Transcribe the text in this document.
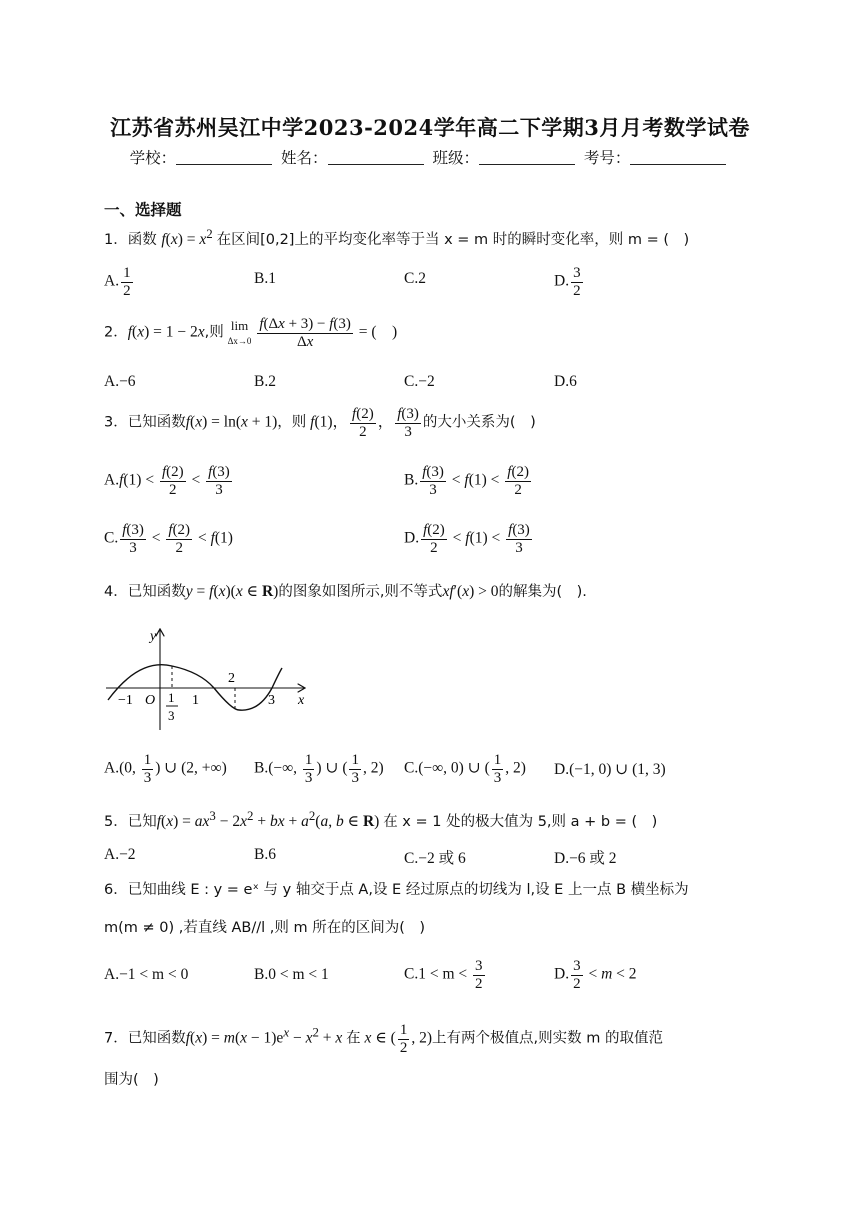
江苏省苏州吴江中学2023-2024学年高二下学期3月月考数学试卷
学校：	姓名：	班级：	考号：
一、选择题
1．函数 $f(x) = x^2$ 在区间[0,2]上的平均变化率等于当 x = m 时的瞬时变化率，则 m = (　)
A. $\frac{1}{2}$	B.1	C.2	D. $\frac{3}{2}$
2．f(x) = 1 − 2x,则 lim
$\Delta x\to 0 \frac{f(\Delta x + 3) - f(3)}{\Delta x}$ = (　)
A.−6	B.2	C.−2	D.6
3．已知函数f(x) = ln(x + 1)，则 f(1)， $\frac{f(2)}{2}$ ， $\frac{f(3)}{3}$ 的大小关系为(　)
$A.f(1) < \frac{f(2)}{2} < \frac{f(3)}{3}$	B. $\frac{f(3)}{3} < f(1) < \frac{f(2)}{2}$
C. $\frac{f(3)}{3} < \frac{f(2)}{2} < f(1)$	D. $\frac{f(2)}{2} < f(1) < \frac{f(3)}{3}$
4．已知函数y = f(x)(x ∈ R)的图象如图所示,则不等式xf′(x) > 0的解集为(　).
y
x
O
−1	1
3
1	3
2
A.(0, $\frac{1}{3}$ ) ∪ (2, +∞) B.(−∞, $\frac{1}{3}$ ) ∪ ( $\frac{1}{3}$ , 2) C.(−∞, 0) ∪ ( $\frac{1}{3}$ , 2) D.(−1, 0) ∪ (1, 3)
5．已知$f(x) = ax^3 - 2x^2$ + bx + $a^2(a$, b ∈ R) 在 x = 1 处的极大值为 5,则 a + b = (　)
A.−2	B.6	C.−2 或 6	D.−6 或 2
6．已知曲线 E : y = eˣ 与 y 轴交于点 A,设 E 经过原点的切线为 l,设 E 上一点 B 横坐标为
m(m ≠ 0) ,若直线 AB//l ,则 m 所在的区间为(　)
A.−1 < m < 0	B.0 < m < 1	$C.1 < m < \frac{3}{2}$	D. $\frac{3}{2} < m < 2$
7．已知函数$f(x) = m(x - 1)e^x - x^2 + x$ 在 x ∈ ( $\frac{1}{2}$ , 2)上有两个极值点,则实数 m 的取值范
围为(　)
